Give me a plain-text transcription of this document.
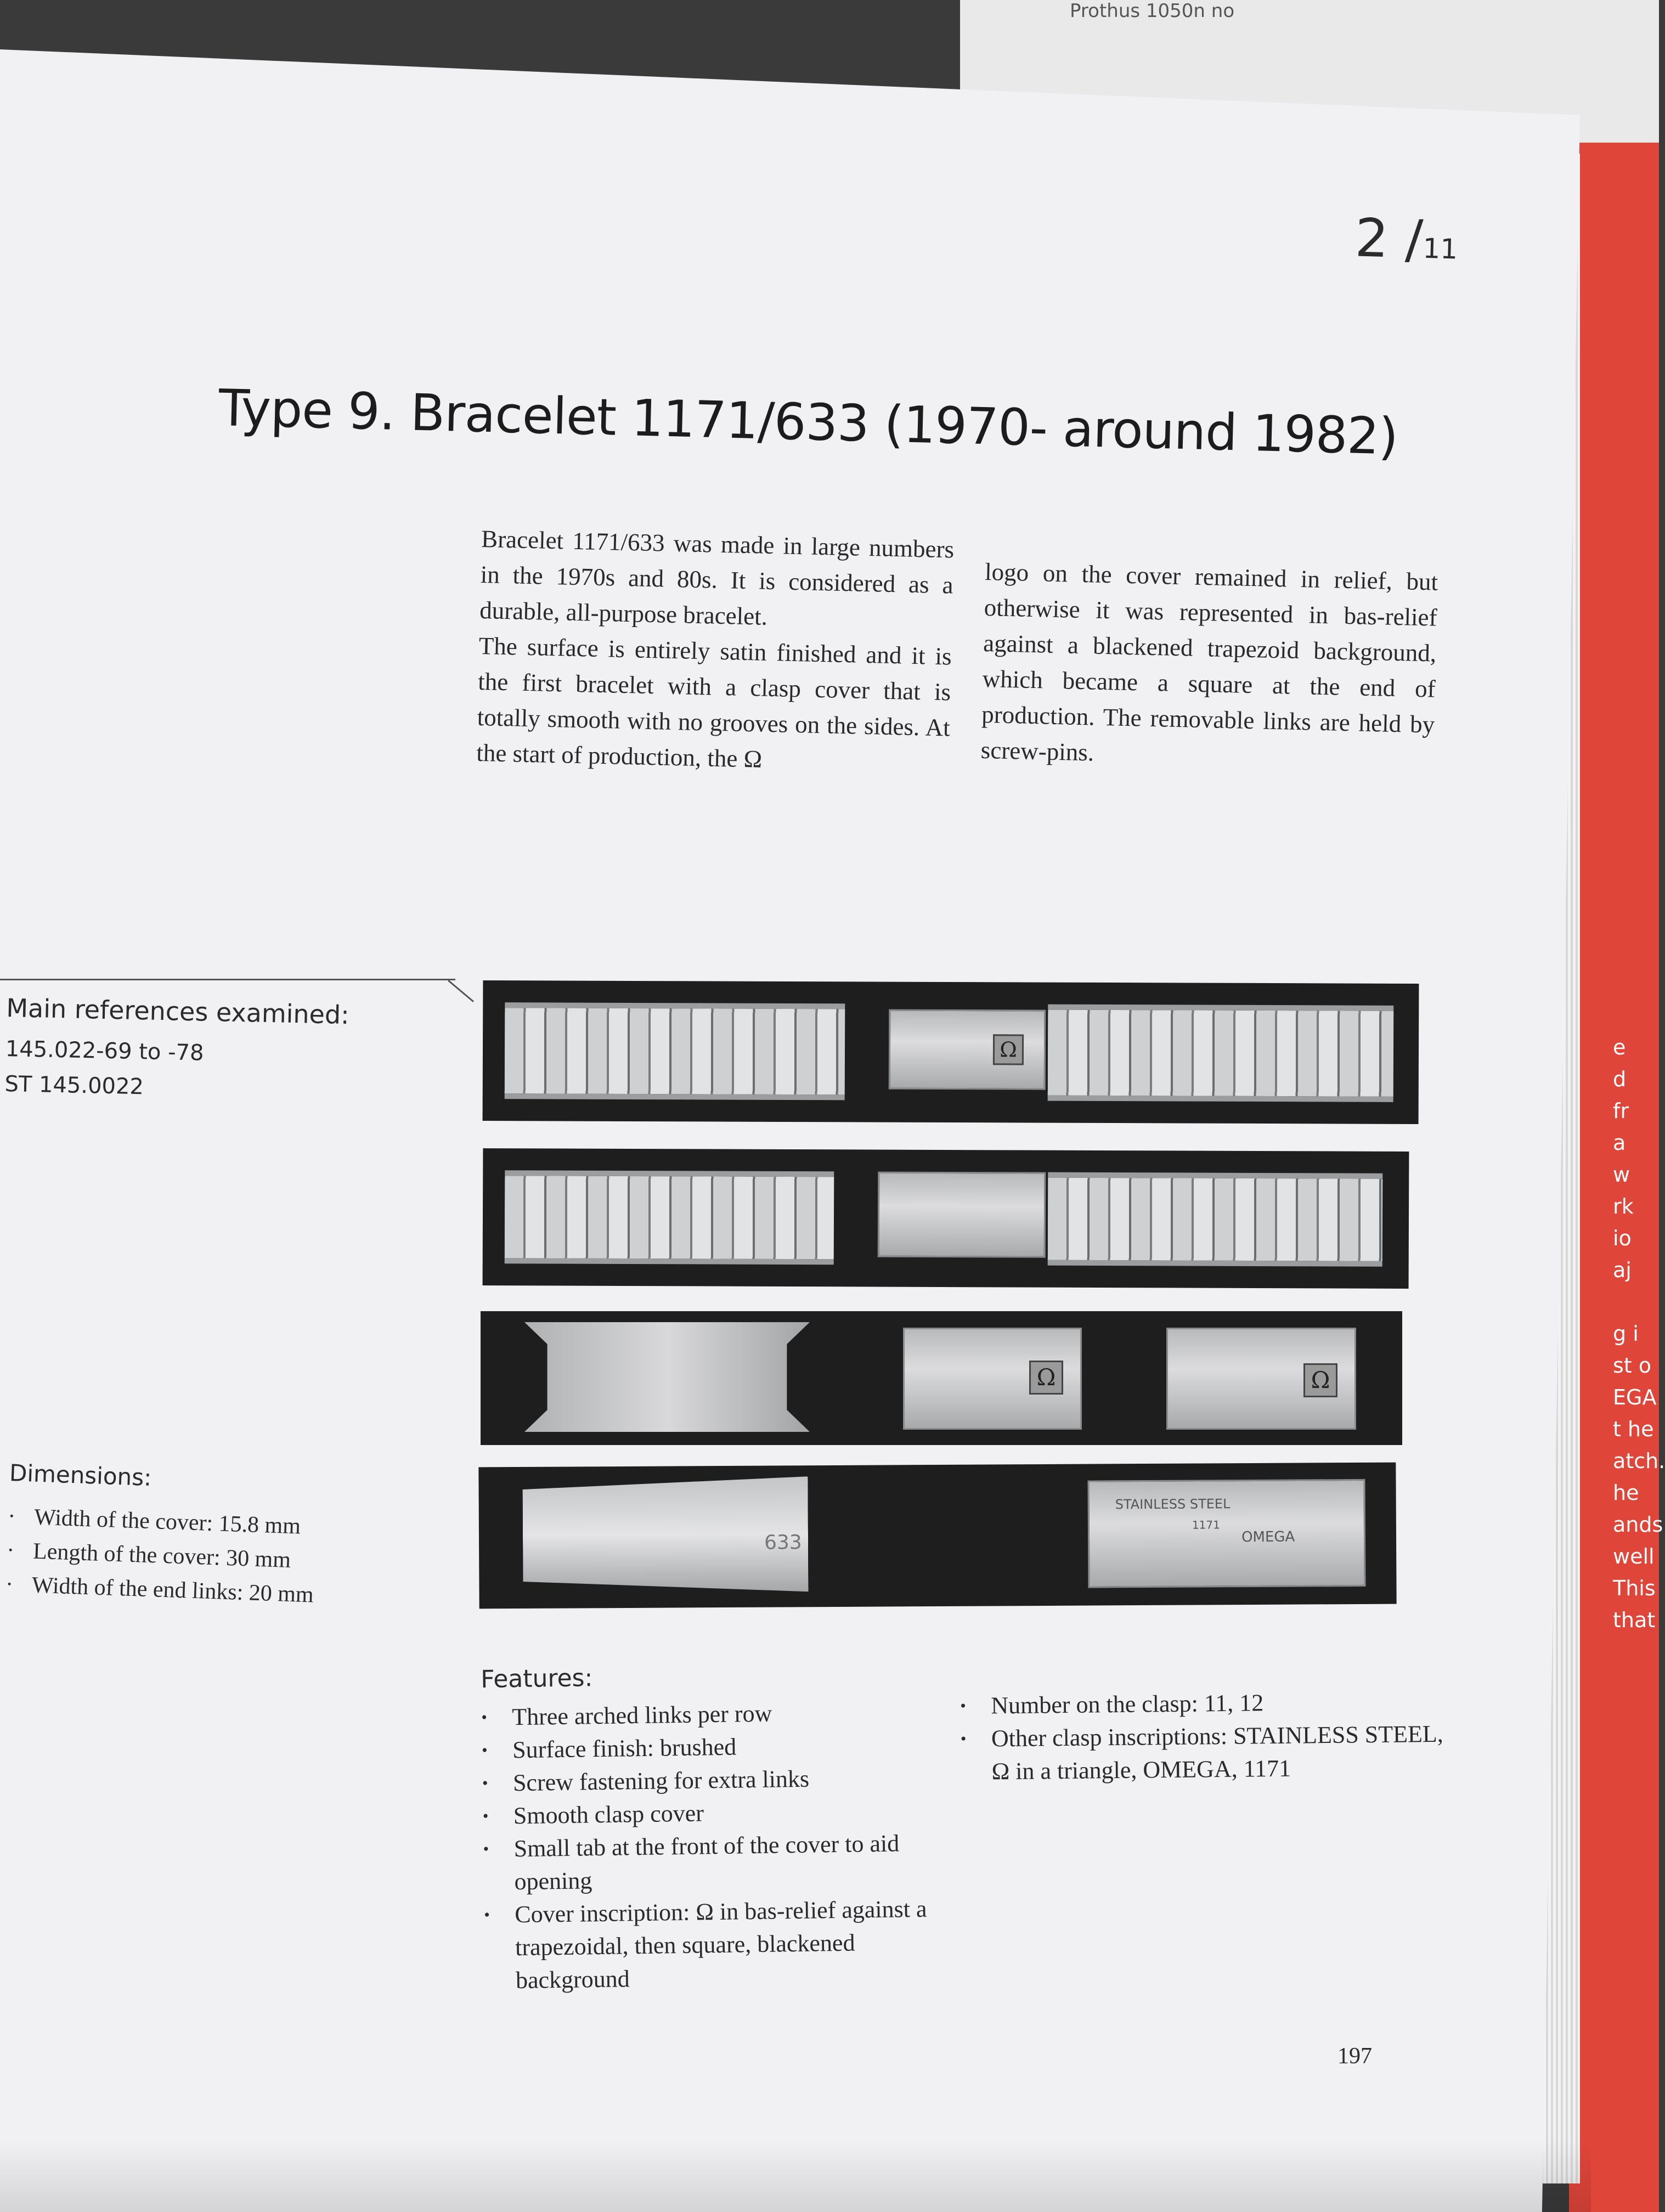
Prothus 1050n no
e
d
fr
a
w
rk
io
aj

g i
st o
EGA
t he
atch.
he
ands
well
This
that
2 /11
Type 9. Bracelet 1171/633 (1970- around 1982)

Bracelet 1171/633 was made in large numbers in the 1970s and 80s. It is considered as a durable, all-purpose bracelet.

The surface is entirely satin finished and it is the first bracelet with a clasp cover that is totally smooth with no grooves on the sides. At the start of production, the Ω

logo on the cover remained in relief, but otherwise it was represented in bas-relief against a blackened trapezoid background, which became a square at the end of production. The removable links are held by screw-pins.

Main references examined:
145.022-69 to -78
ST 145.0022
Dimensions:
· Width of the cover: 15.8 mm
· Length of the cover: 30 mm
· Width of the end links: 20 mm
Ω
Ω	Ω
633
STAINLESS STEEL
1171
OMEGA
Features:
• Three arched links per row
• Surface finish: brushed
• Screw fastening for extra links
• Smooth clasp cover
• Small tab at the front of the cover to aid opening
• Cover inscription: Ω in bas-relief against a trapezoidal, then square, blackened background
• Number on the clasp: 11, 12
• Other clasp inscriptions: STAINLESS STEEL, Ω in a triangle, OMEGA, 1171
197
